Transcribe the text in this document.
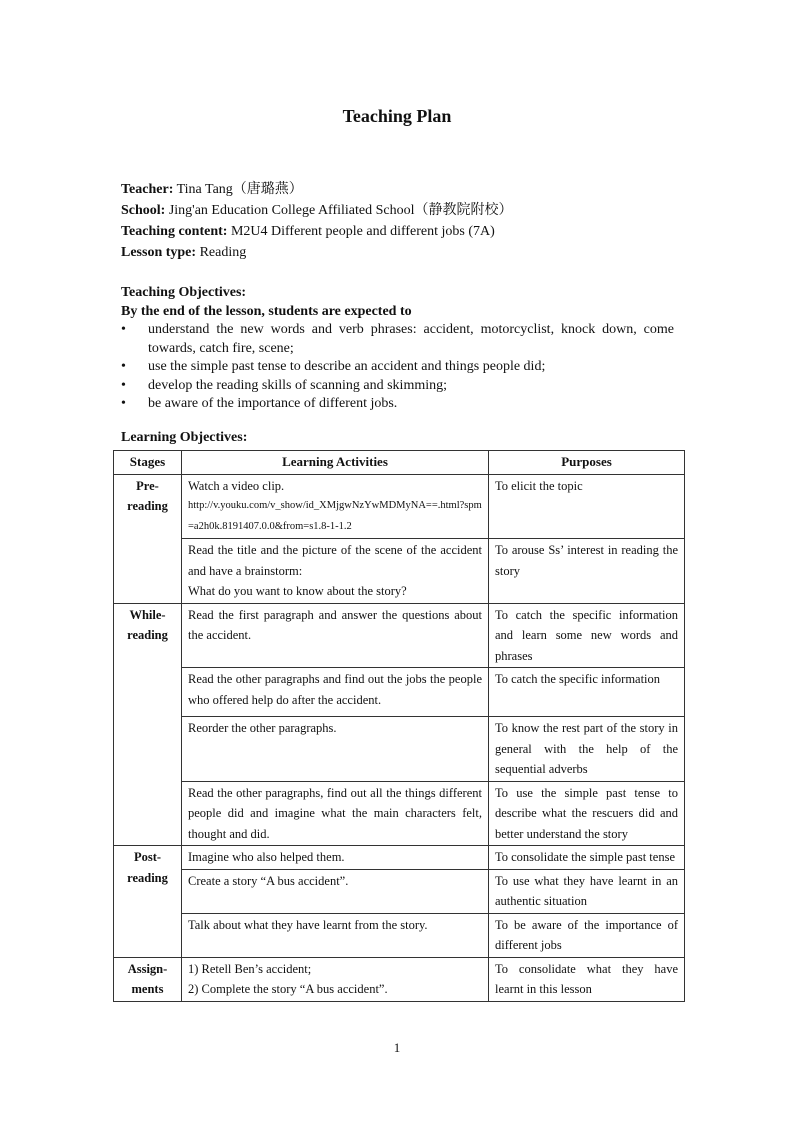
Teaching Plan
Teacher: Tina Tang（唐璐燕）
School: Jing'an Education College Affiliated School（静教院附校）
Teaching content: M2U4 Different people and different jobs (7A)
Lesson type: Reading
Teaching Objectives:
By the end of the lesson, students are expected to
• understand the new words and verb phrases: accident, motorcyclist, knock down, come towards, catch fire, scene;
• use the simple past tense to describe an accident and things people did;
• develop the reading skills of scanning and skimming;
• be aware of the importance of different jobs.
Learning Objectives:
Stages	Learning Activities	Purposes
Pre-reading	Watch a video clip.
http://v.youku.com/v_show/id_XMjgwNzYwMDMyNA==.html?spm=a2h0k.8191407.0.0&from=s1.8-1-1.2	To elicit the topic

	Read the title and the picture of the scene of the accident and have a brainstorm:
What do you want to know about the story?	To arouse Ss’ interest in reading the story
While-reading	Read the first paragraph and answer the questions about the accident.	To catch the specific information and learn some new words and phrases
	Read the other paragraphs and find out the jobs the people who offered help do after the accident.	To catch the specific information
	Reorder the other paragraphs.	To know the rest part of the story in general with the help of the sequential adverbs
	Read the other paragraphs, find out all the things different people did and imagine what the main characters felt, thought and did.	To use the simple past tense to describe what the rescuers did and better understand the story
Post-reading	Imagine who also helped them.	To consolidate the simple past tense
	Create a story “A bus accident”.	To use what they have learnt in an authentic situation
	Talk about what they have learnt from the story.	To be aware of the importance of different jobs
Assign-ments	1) Retell Ben’s accident;
2) Complete the story “A bus accident”.	To consolidate what they have learnt in this lesson
1
